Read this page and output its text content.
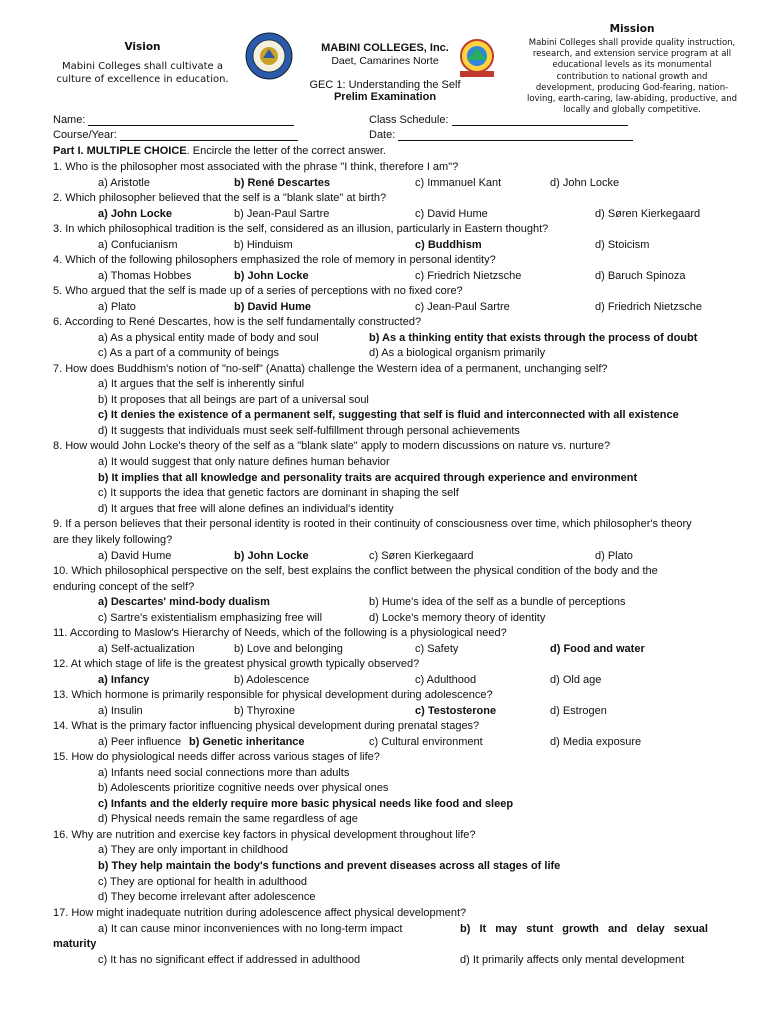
Vision
Mabini Colleges shall cultivate a culture of excellence in education.
MABINI COLLEGES, Inc.
Daet, Camarines Norte
GEC 1: Understanding the Self
Prelim Examination
Mission
Mabini Colleges shall provide quality instruction, research, and extension service program at all educational levels as its monumental contribution to national growth and development, producing God-fearing, nation-loving, earth-caring, law-abiding, productive, and locally and globally competitive.
Name:	Class Schedule:
Course/Year:	Date:
Part I. MULTIPLE CHOICE. Encircle the letter of the correct answer.
1. Who is the philosopher most associated with the phrase "I think, therefore I am"?
a) Aristotle	b) René Descartes	c) Immanuel Kant	d) John Locke
2. Which philosopher believed that the self is a "blank slate" at birth?
a) John Locke	b) Jean-Paul Sartre	c) David Hume	d) Søren Kierkegaard
3. In which philosophical tradition is the self, considered as an illusion, particularly in Eastern thought?
a) Confucianism	b) Hinduism	c) Buddhism	d) Stoicism
4. Which of the following philosophers emphasized the role of memory in personal identity?
a) Thomas Hobbes	b) John Locke	c) Friedrich Nietzsche	d) Baruch Spinoza
5. Who argued that the self is made up of a series of perceptions with no fixed core?
a) Plato	b) David Hume	c) Jean-Paul Sartre	d) Friedrich Nietzsche
6. According to René Descartes, how is the self fundamentally constructed?
a) As a physical entity made of body and soul	b) As a thinking entity that exists through the process of doubt
c) As a part of a community of beings	d) As a biological organism primarily
7. How does Buddhism's notion of "no-self" (Anatta) challenge the Western idea of a permanent, unchanging self?
a) It argues that the self is inherently sinful
b) It proposes that all beings are part of a universal soul
c) It denies the existence of a permanent self, suggesting that self is fluid and interconnected with all existence
d) It suggests that individuals must seek self-fulfillment through personal achievements
8. How would John Locke's theory of the self as a "blank slate" apply to modern discussions on nature vs. nurture?
a) It would suggest that only nature defines human behavior
b) It implies that all knowledge and personality traits are acquired through experience and environment
c) It supports the idea that genetic factors are dominant in shaping the self
d) It argues that free will alone defines an individual's identity
9. If a person believes that their personal identity is rooted in their continuity of consciousness over time, which philosopher's theory
are they likely following?
a) David Hume	b) John Locke	c) Søren Kierkegaard	d) Plato
10. Which philosophical perspective on the self, best explains the conflict between the physical condition of the body and the
enduring concept of the self?
a) Descartes' mind-body dualism	b) Hume's idea of the self as a bundle of perceptions
c) Sartre's existentialism emphasizing free will	d) Locke's memory theory of identity
11. According to Maslow's Hierarchy of Needs, which of the following is a physiological need?
a) Self-actualization	b) Love and belonging	c) Safety	d) Food and water
12. At which stage of life is the greatest physical growth typically observed?
a) Infancy	b) Adolescence	c) Adulthood	d) Old age
13. Which hormone is primarily responsible for physical development during adolescence?
a) Insulin	b) Thyroxine	c) Testosterone	d) Estrogen
14. What is the primary factor influencing physical development during prenatal stages?
a) Peer influence b) Genetic inheritance	c) Cultural environment	d) Media exposure
15. How do physiological needs differ across various stages of life?
a) Infants need social connections more than adults
b) Adolescents prioritize cognitive needs over physical ones
c) Infants and the elderly require more basic physical needs like food and sleep
d) Physical needs remain the same regardless of age
16. Why are nutrition and exercise key factors in physical development throughout life?
a) They are only important in childhood
b) They help maintain the body's functions and prevent diseases across all stages of life
c) They are optional for health in adulthood
d) They become irrelevant after adolescence
17. How might inadequate nutrition during adolescence affect physical development?
a) It can cause minor inconveniences with no long-term impact	b) It may stunt growth and delay sexual
maturity
c) It has no significant effect if addressed in adulthood	d) It primarily affects only mental development
